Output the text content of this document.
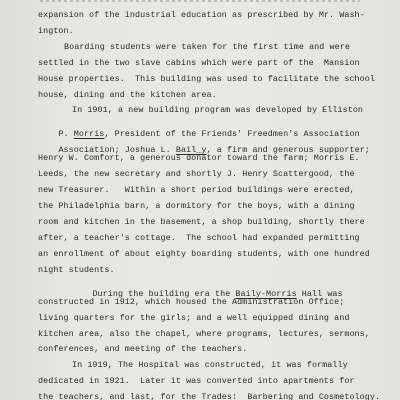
expansion of the industrial education as prescribed by Mr. Wash-
ington.
Boarding students were taken for the first time and were
settled in the two slave cabins which were part of the  Mansion
House properties.  This building was used to facilitate the school
house, dining and the kitchen area.
In 1901, a new building program was developed by Elliston

P. Morris, President of the Friends' Freedmen's Association

Association; Joshua L. Bail_y, a firm and generous supporter;

Henry W. Comfort, a generous donator toward the farm; Morris E.
Leeds, the new secretary and shortly J. Henry Scattergood, the
new Treasurer.   Within a short period buildings were erected,
the Philadelphia barn, a dormitory for the boys, with a dining
room and kitchen in the basement, a shop building, shortly there
after, a teacher's cottage.  The school had expanded permitting
an enrollment of about eighty boarding students, with one hundred
night students.

During the building era the Baily-Morris Hall was

constructed in 1912, which housed the Administration Office;
living quarters for the girls; and a well equipped dining and
kitchen area, also the chapel, where programs, lectures, sermons,
conferences, and meeting of the teachers.
In 1919, The Hospital was constructed, it was formally
dedicated in 1921.  Later it was converted into apartments for
the teachers, and last, for the Trades:  Barbering and Cosmetology.
